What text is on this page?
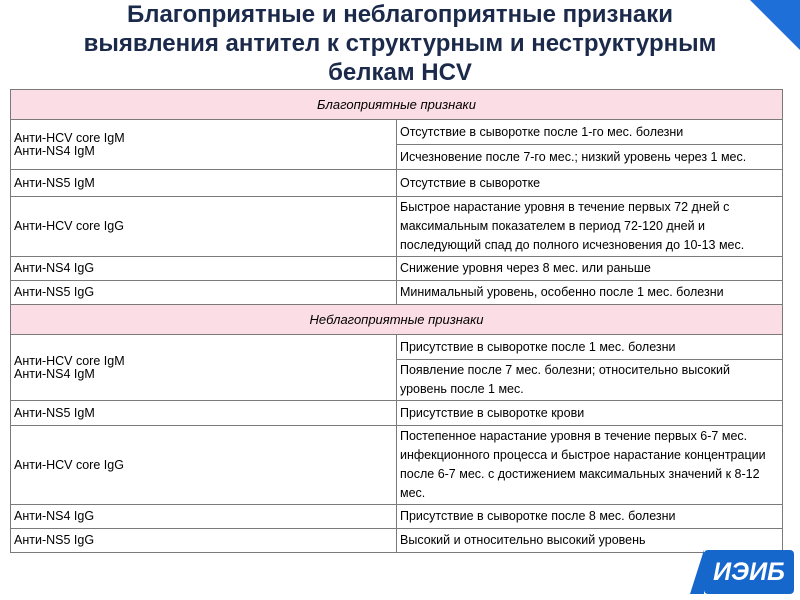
Благоприятные и неблагоприятные признаки
выявления антител к структурным и неструктурным
белкам HCV
Благоприятные признаки	

Анти-HCV core IgM
Анти-NS4 IgM	Отсутствие в сыворотке после 1-го мес. болезни
	Исчезновение после 7-го мес.; низкий уровень через 1 мес.
Анти-NS5 IgM	Отсутствие в сыворотке
Анти-HCV core IgG	Быстрое нарастание уровня в течение первых 72 дней с максимальным показателем в период 72-120 дней и последующий спад до полного исчезновения до 10-13 мес.
Анти-NS4 IgG	Снижение уровня через 8 мес. или раньше
Анти-NS5 IgG	Минимальный уровень, особенно после 1 мес. болезни
Неблагоприятные признаки	

Анти-HCV core IgM
Анти-NS4 IgM	Присутствие в сыворотке после 1 мес. болезни
	Появление после 7 мес. болезни; относительно высокий уровень после 1 мес.
Анти-NS5 IgM	Присутствие в сыворотке крови
Анти-HCV core IgG	Постепенное нарастание уровня в течение первых 6-7 мес. инфекционного процесса и быстрое нарастание концентрации после 6-7 мес. с достижением максимальных значений к 8-12 мес.
Анти-NS4 IgG	Присутствие в сыворотке после 8 мес. болезни
Анти-NS5 IgG	Высокий и относительно высокий уровень
ИЭИБ
